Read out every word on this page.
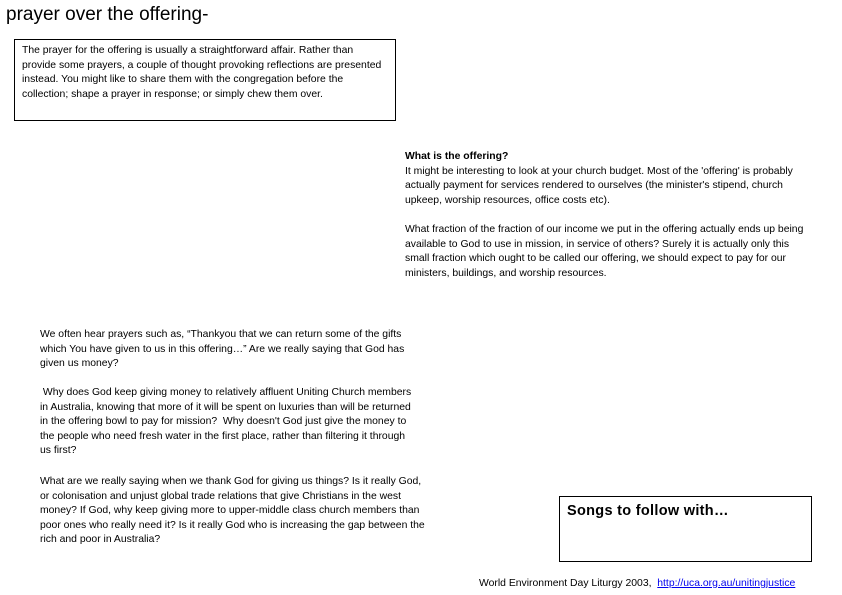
prayer over the offering-

The prayer for the offering is usually a straightforward affair. Rather than provide some prayers, a couple of thought provoking reflections are presented instead. You might like to share them with the congregation before the collection; shape a prayer in response; or simply chew them over.

What is the offering?

It might be interesting to look at your church budget. Most of the 'offering' is probably actually payment for services rendered to ourselves (the minister's stipend, church upkeep, worship resources, office costs etc).

What fraction of the fraction of our income we put in the offering actually ends up being available to God to use in mission, in service of others? Surely it is actually only this small fraction which ought to be called our offering, we should expect to pay for our ministers, buildings, and worship resources.

We often hear prayers such as, “Thankyou that we can return some of the gifts which You have given to us in this offering…” Are we really saying that God has given us money?

Why does God keep giving money to relatively affluent Uniting Church members in Australia, knowing that more of it will be spent on luxuries than will be returned in the offering bowl to pay for mission?  Why doesn't God just give the money to the people who need fresh water in the first place, rather than filtering it through us first?

What are we really saying when we thank God for giving us things? Is it really God, or colonisation and unjust global trade relations that give Christians in the west money? If God, why keep giving more to upper-middle class church members than poor ones who really need it? Is it really God who is increasing the gap between the rich and poor in Australia?

Songs to follow with…

World Environment Day Liturgy 2003,  http://uca.org.au/unitingjustice
